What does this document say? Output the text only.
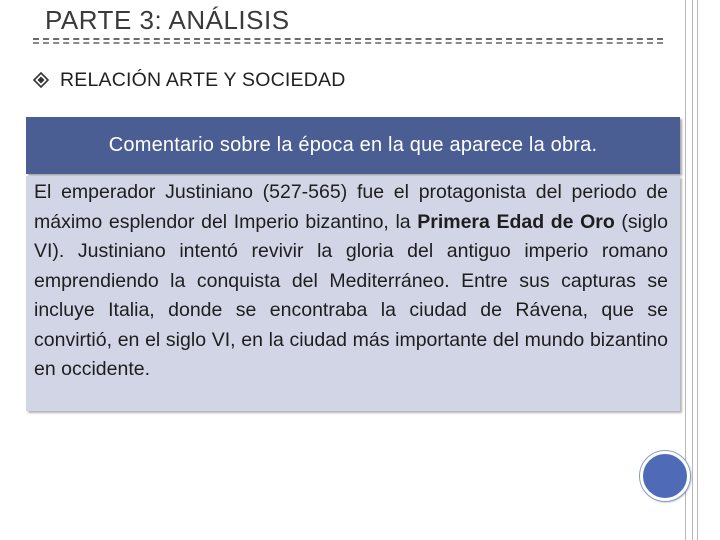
PARTE 3: ANÁLISIS
RELACIÓN ARTE Y SOCIEDAD
Comentario sobre la época en la que aparece la obra.

El emperador Justiniano (527-565) fue el protagonista del periodo de máximo esplendor del Imperio bizantino, la Primera Edad de Oro (siglo VI). Justiniano intentó revivir la gloria del antiguo imperio romano emprendiendo la conquista del Mediterráneo. Entre sus capturas se incluye Italia, donde se encontraba la ciudad de Rávena, que se convirtió, en el siglo VI, en la ciudad más importante del mundo bizantino en occidente.
